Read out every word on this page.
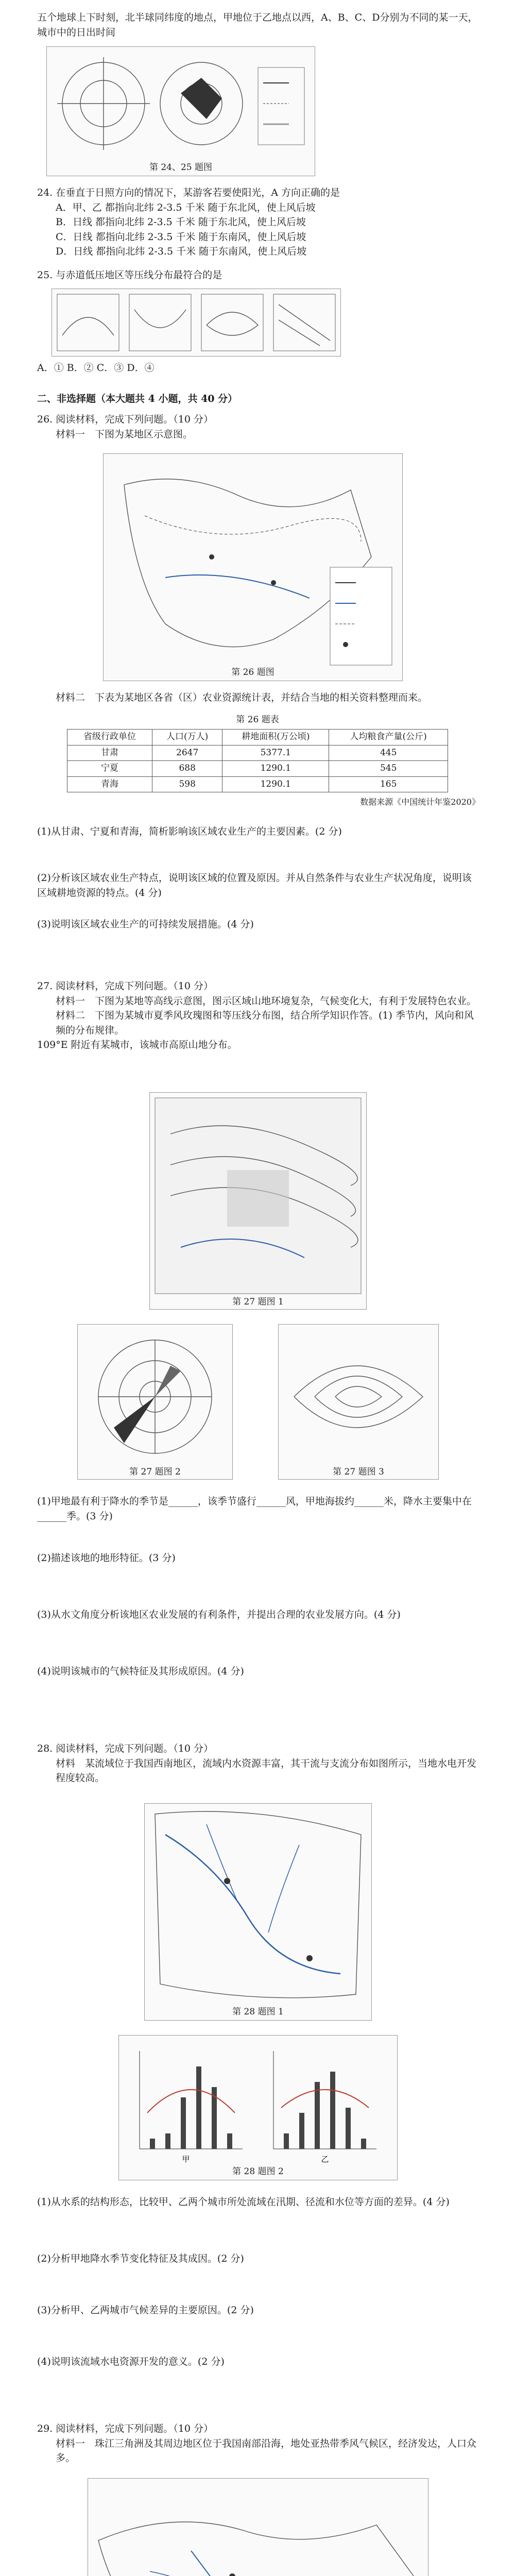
五个地球上下时刻，北半球同纬度的地点，甲地位于乙地点以西，A、B、C、D分别为不同的某一天，城市中的日出时间
第 24、25 题图
24. 在垂直于日照方向的情况下，某游客若要使阳光，A 方向正确的是
A．甲、乙 都指向北纬 2-3.5 千米 随于东北风，使上风后坡
B．日线 都指向北纬 2-3.5 千米 随于东北风，使上风后坡
C．日线 都指向北纬 2-3.5 千米 随于东南风，使上风后坡
D．日线 都指向北纬 2-3.5 千米 随于东南风，使上风后坡
25. 与赤道低压地区等压线分布最符合的是
A．① B．② C．③ D．④
二、非选择题（本大题共 4 小题，共 40 分）
26. 阅读材料，完成下列问题。（10 分）
材料一　下图为某地区示意图。
第 26 题图
材料二　下表为某地区各省（区）农业资源统计表，并结合当地的相关资料整理而来。
第 26 题表
省级行政单位	人口(万人)	耕地面积(万公顷)	人均粮食产量(公斤)
甘肃	2647	5377.1	445
宁夏	688	1290.1	545
青海	598	1290.1	165
数据来源《中国统计年鉴2020》
(1)从甘肃、宁夏和青海，简析影响该区域农业生产的主要因素。(2 分)
(2)分析该区域农业生产特点，说明该区域的位置及原因。并从自然条件与农业生产状况角度，说明该区域耕地资源的特点。(4 分)
(3)说明该区域农业生产的可持续发展措施。(4 分)
27. 阅读材料，完成下列问题。（10 分）
材料一　下图为某地等高线示意图，图示区域山地环境复杂，气候变化大，有利于发展特色农业。
材料二　下图为某城市夏季风玫瑰图和等压线分布图，结合所学知识作答。(1) 季节内，风向和风频的分布规律。
109°E 附近有某城市，该城市高原山地分布。
第 27 题图 1
第 27 题图 2	第 27 题图 3
(1)甲地最有利于降水的季节是______，该季节盛行______风，甲地海拔约______米，降水主要集中在______季。(3 分)
(2)描述该地的地形特征。(3 分)
(3)从水文角度分析该地区农业发展的有利条件，并提出合理的农业发展方向。(4 分)
(4)说明该城市的气候特征及其形成原因。(4 分)
28. 阅读材料，完成下列问题。（10 分）
材料　某流域位于我国西南地区，流域内水资源丰富，其干流与支流分布如图所示，当地水电开发程度较高。
第 28 题图 1
甲	乙
第 28 题图 2
(1)从水系的结构形态，比较甲、乙两个城市所处流域在汛期、径流和水位等方面的差异。(4 分)
(2)分析甲地降水季节变化特征及其成因。(2 分)
(3)分析甲、乙两城市气候差异的主要原因。(2 分)
(4)说明该流域水电资源开发的意义。(2 分)
29. 阅读材料，完成下列问题。（10 分）
材料一　珠江三角洲及其周边地区位于我国南部沿海，地处亚热带季风气候区，经济发达，人口众多。
